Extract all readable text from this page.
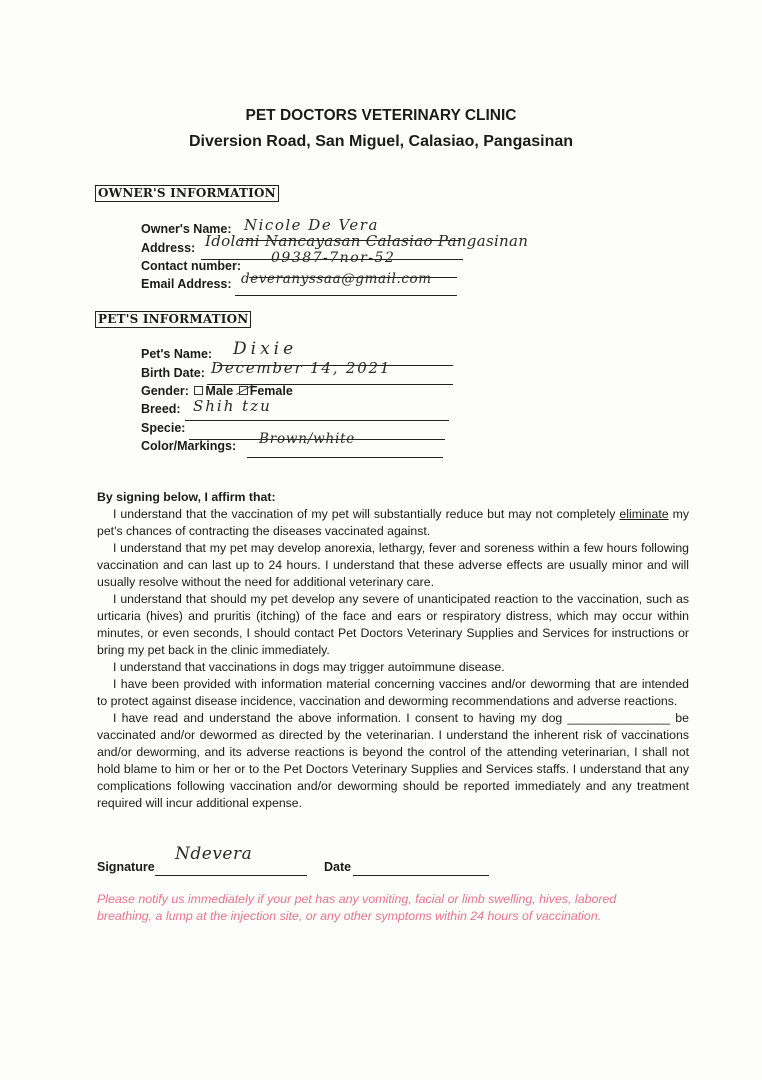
PET DOCTORS VETERINARY CLINIC
Diversion Road, San Miguel, Calasiao, Pangasinan
OWNER'S INFORMATION
Owner's Name: Nicole De Vera
Address: Idolani Nancayasan Calasiao Pangasinan
Contact number: 09387-7nor-52
Email Address: deveranyssaa@gmail.com
PET'S INFORMATION
Pet's Name: Dixie
Birth Date: December 14, 2021
Gender: Male Female
Breed: Shih tzu
Specie:
Color/Markings: Brown/white

By signing below, I affirm that:

I understand that the vaccination of my pet will substantially reduce but may not completely eliminate my pet's chances of contracting the diseases vaccinated against.

I understand that my pet may develop anorexia, lethargy, fever and soreness within a few hours following vaccination and can last up to 24 hours. I understand that these adverse effects are usually minor and will usually resolve without the need for additional veterinary care.

I understand that should my pet develop any severe of unanticipated reaction to the vaccination, such as urticaria (hives) and pruritis (itching) of the face and ears or respiratory distress, which may occur within minutes, or even seconds, I should contact Pet Doctors Veterinary Supplies and Services for instructions or bring my pet back in the clinic immediately.

I understand that vaccinations in dogs may trigger autoimmune disease.

I have been provided with information material concerning vaccines and/or deworming that are intended to protect against disease incidence, vaccination and deworming recommendations and adverse reactions.

I have read and understand the above information. I consent to having my dog _______________ be vaccinated and/or dewormed as directed by the veterinarian. I understand the inherent risk of vaccinations and/or deworming, and its adverse reactions is beyond the control of the attending veterinarian, I shall not hold blame to him or her or to the Pet Doctors Veterinary Supplies and Services staffs. I understand that any complications following vaccination and/or deworming should be reported immediately and any treatment required will incur additional expense.

Signature
Ndevera
Date
Please notify us immediately if your pet has any vomiting, facial or limb swelling, hives, labored breathing, a lump at the injection site, or any other symptoms within 24 hours of vaccination.
